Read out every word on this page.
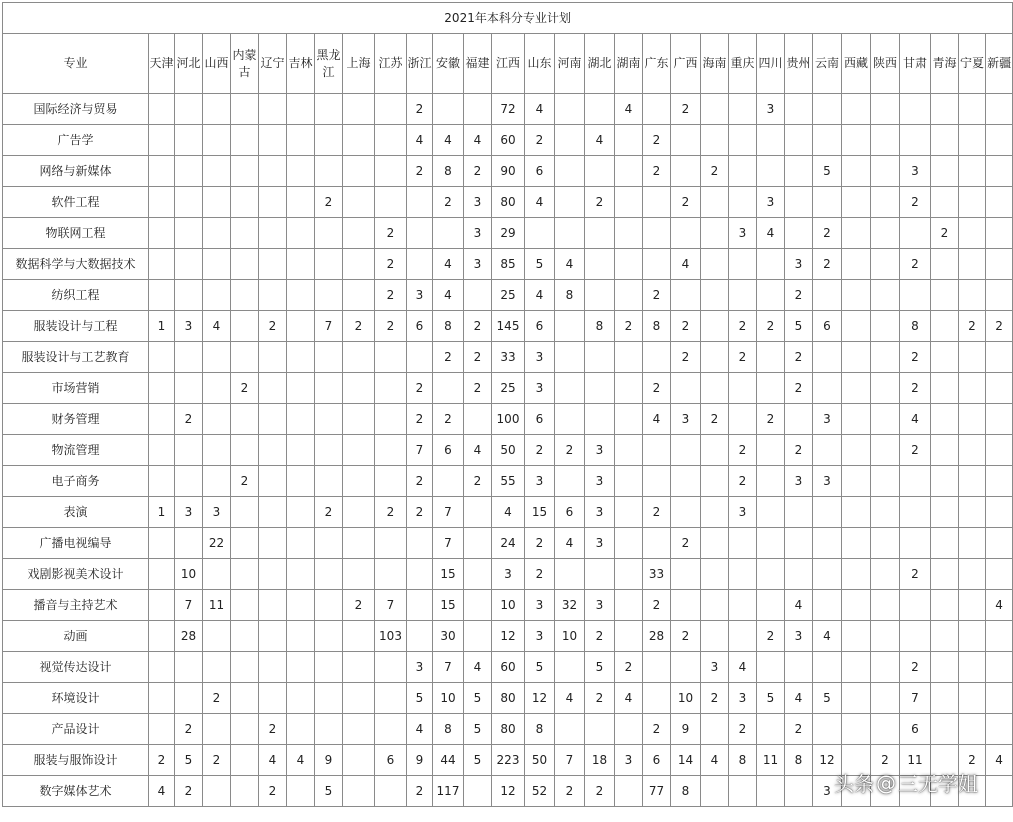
2021年本科分专业计划																														
专业	天津	河北	山西	内蒙古	辽宁	吉林	黑龙江	上海	江苏	浙江	安徽	福建	江西	山东	河南	湖北	湖南	广东	广西	海南	重庆	四川	贵州	云南	西藏	陕西	甘肃	青海	宁夏	新疆
国际经济与贸易										2			72	4			4		2			3								
广告学										4	4	4	60	2		4		2												
网络与新媒体										2	8	2	90	6				2		2				5			3			
软件工程							2				2	3	80	4		2			2			3					2			
物联网工程									2			3	29								3	4		2				2		
数据科学与大数据技术									2		4	3	85	5	4				4				3	2			2			
纺织工程									2	3	4		25	4	8			2					2							
服装设计与工程	1	3	4		2		7	2	2	6	8	2	145	6		8	2	8	2		2	2	5	6			8		2	2
服装设计与工艺教育											2	2	33	3					2		2		2				2			
市场营销				2						2		2	25	3				2					2				2			
财务管理		2								2	2		100	6				4	3	2		2		3			4			
物流管理										7	6	4	50	2	2	3					2		2				2			
电子商务				2						2		2	55	3		3					2		3	3						
表演	1	3	3				2		2	2	7		4	15	6	3		2			3									
广播电视编导			22								7		24	2	4	3			2											
戏剧影视美术设计		10									15		3	2				33									2			
播音与主持艺术		7	11					2	7		15		10	3	32	3		2					4							4
动画		28							103		30		12	3	10	2		28	2			2	3	4						
视觉传达设计										3	7	4	60	5		5	2			3	4						2			
环境设计			2							5	10	5	80	12	4	2	4		10	2	3	5	4	5			7			
产品设计		2			2					4	8	5	80	8				2	9		2		2				6			
服装与服饰设计	2	5	2		4	4	9		6	9	44	5	223	50	7	18	3	6	14	4	8	11	8	12		2	11		2	4
数字媒体艺术	4	2			2		5			2	117		12	52	2	2		77	8					3						头条 @ 三无学姐
